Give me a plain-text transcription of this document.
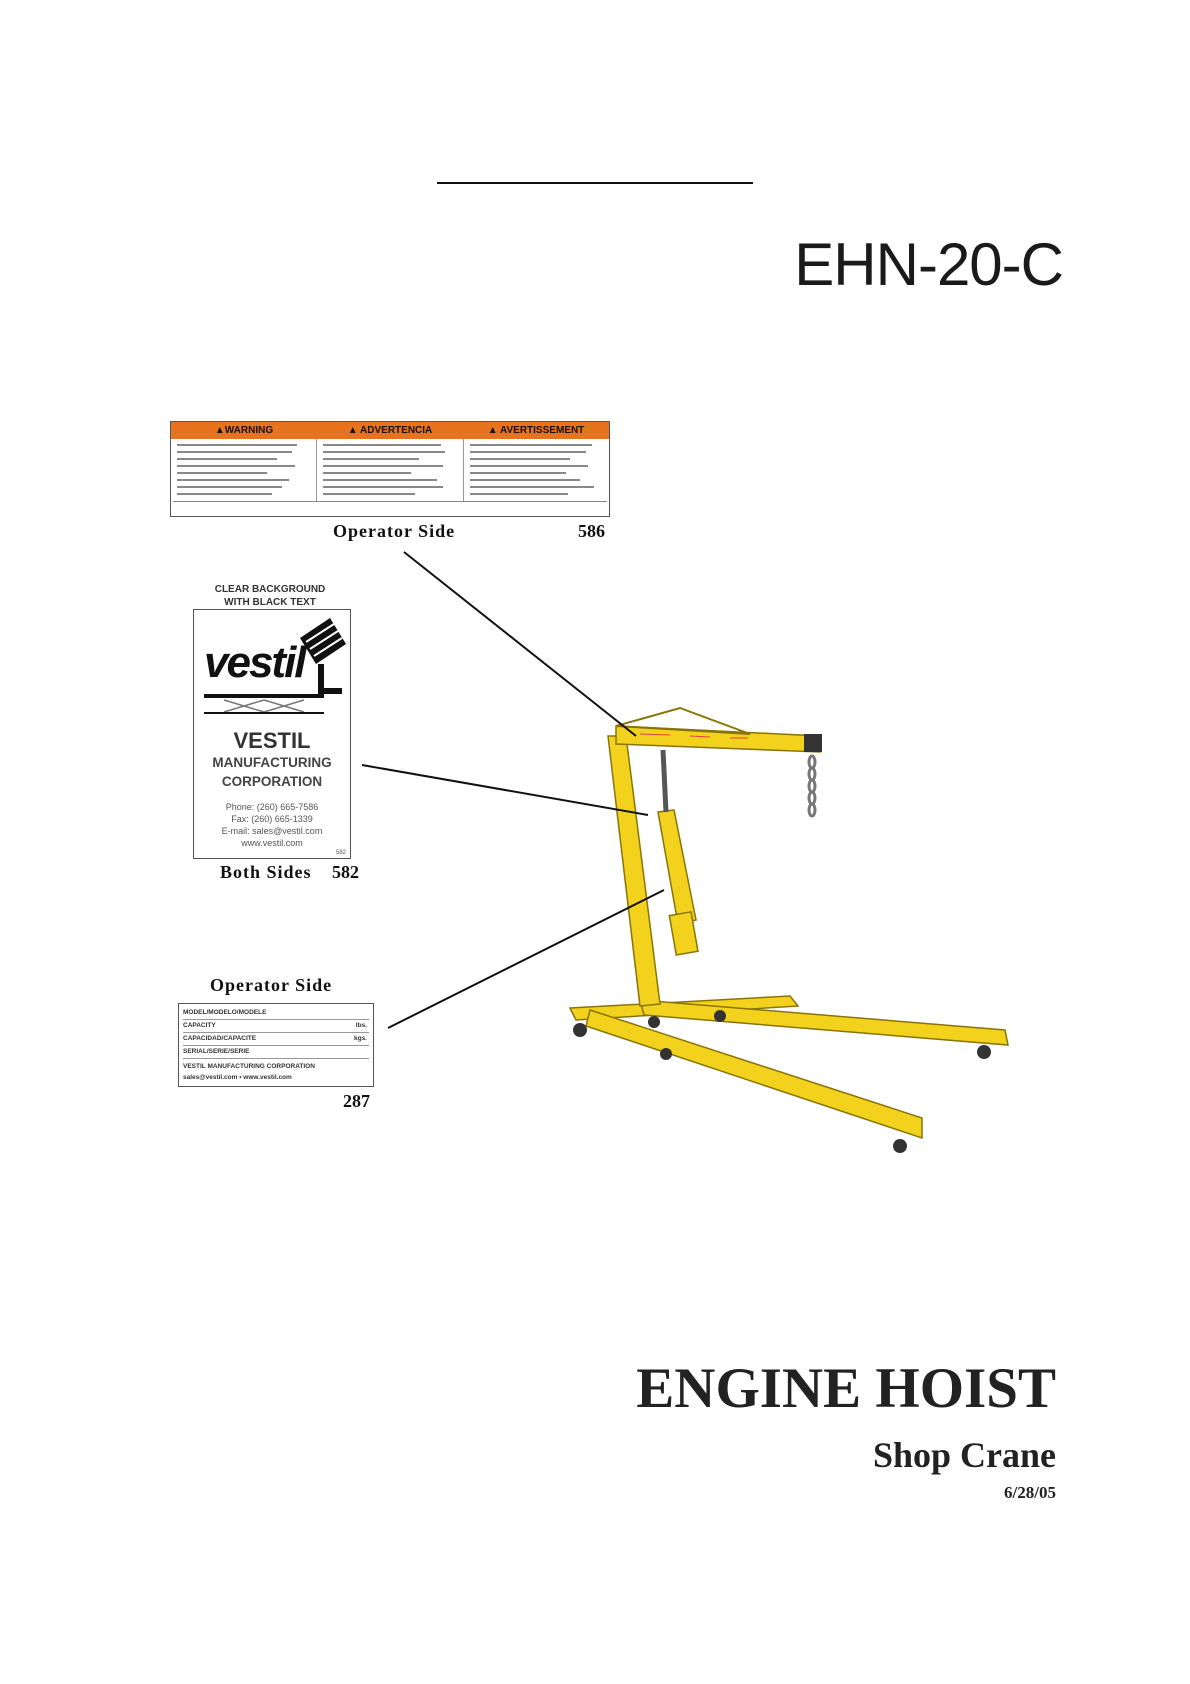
EHN-20-C
▲WARNING	▲ ADVERTENCIA	▲ AVERTISSEMENT
Operator Side	586
CLEAR BACKGROUND
WITH BLACK TEXT
vestil
VESTIL
MANUFACTURING
CORPORATION
Phone: (260) 665-7586
Fax: (260) 665-1339
E-mail: sales@vestil.com
www.vestil.com
582
Both Sides 582
Operator Side
MODEL/MODELO/MODELE
CAPACITY	lbs.
CAPACIDAD/CAPACITE	kgs.
SERIAL/SERIE/SERIE
VESTIL MANUFACTURING CORPORATION
sales@vestil.com • www.vestil.com
287
ENGINE HOIST
Shop Crane
6/28/05
